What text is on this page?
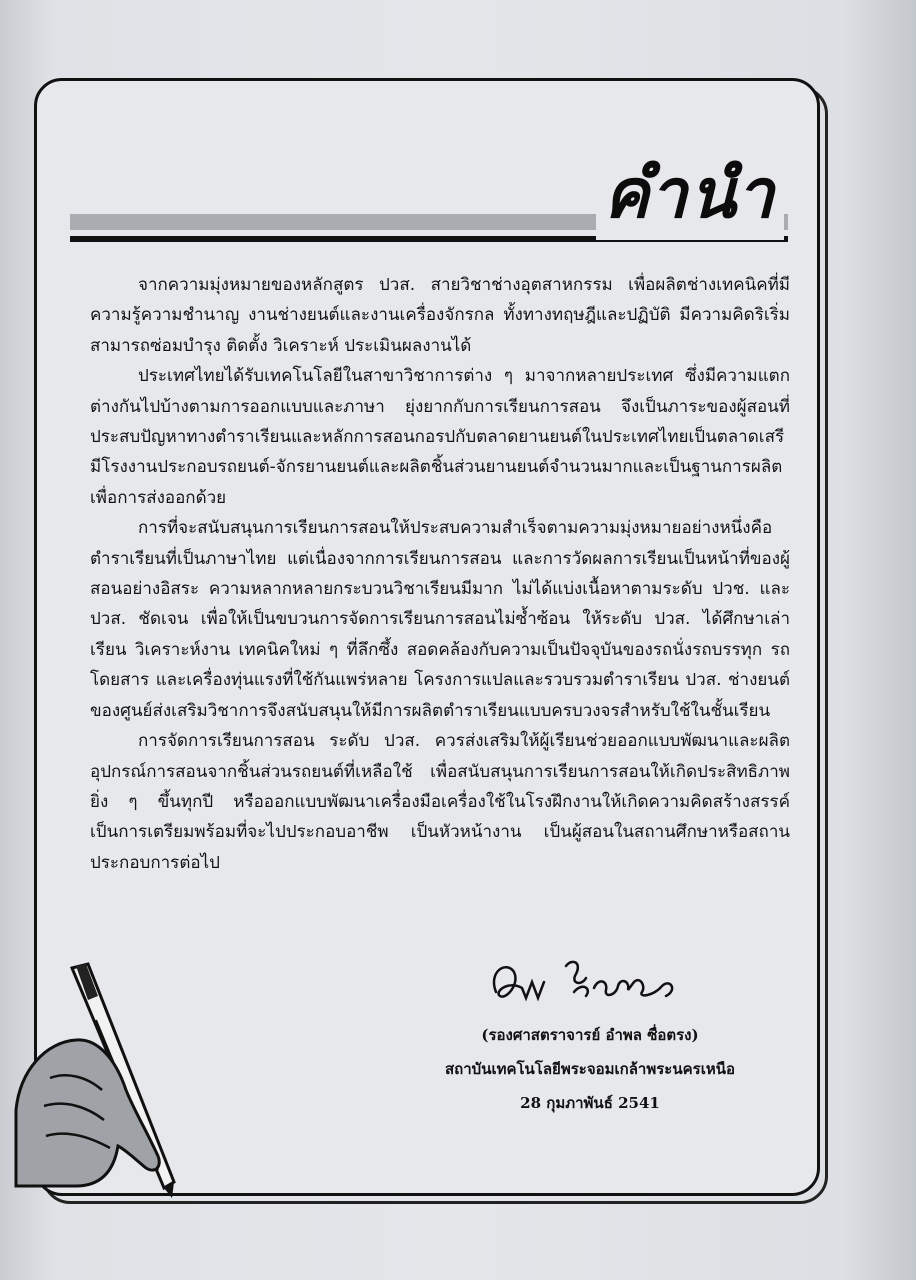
คำนำ

จากความมุ่งหมายของหลักสูตร ปวส. สายวิชาช่างอุตสาหกรรม เพื่อผลิตช่างเทคนิคที่มีความรู้ความชำนาญ งานช่างยนต์และงานเครื่องจักรกล ทั้งทางทฤษฎีและปฏิบัติ มีความคิดริเริ่มสามารถซ่อมบำรุง ติดตั้ง วิเคราะห์ ประเมินผลงานได้

ประเทศไทยได้รับเทคโนโลยีในสาขาวิชาการต่าง ๆ มาจากหลายประเทศ ซึ่งมีความแตกต่างกันไปบ้างตามการออกแบบและภาษา ยุ่งยากกับการเรียนการสอน จึงเป็นภาระของผู้สอนที่ประสบปัญหาทางตำราเรียนและหลักการสอนกอรปกับตลาดยานยนต์ในประเทศไทยเป็นตลาดเสรี มีโรงงานประกอบรถยนต์-จักรยานยนต์และผลิตชิ้นส่วนยานยนต์จำนวนมากและเป็นฐานการผลิตเพื่อการส่งออกด้วย

การที่จะสนับสนุนการเรียนการสอนให้ประสบความสำเร็จตามความมุ่งหมายอย่างหนึ่งคือตำราเรียนที่เป็นภาษาไทย แต่เนื่องจากการเรียนการสอน และการวัดผลการเรียนเป็นหน้าที่ของผู้สอนอย่างอิสระ ความหลากหลายกระบวนวิชาเรียนมีมาก ไม่ได้แบ่งเนื้อหาตามระดับ ปวช. และ ปวส. ชัดเจน เพื่อให้เป็นขบวนการจัดการเรียนการสอนไม่ซ้ำซ้อน ให้ระดับ ปวส. ได้ศึกษาเล่าเรียน วิเคราะห์งาน เทคนิคใหม่ ๆ ที่ลึกซึ้ง สอดคล้องกับความเป็นปัจจุบันของรถนั่งรถบรรทุก รถโดยสาร และเครื่องทุ่นแรงที่ใช้กันแพร่หลาย โครงการแปลและรวบรวมตำราเรียน ปวส. ช่างยนต์ของศูนย์ส่งเสริมวิชาการจึงสนับสนุนให้มีการผลิตตำราเรียนแบบครบวงจรสำหรับใช้ในชั้นเรียน

การจัดการเรียนการสอน ระดับ ปวส. ควรส่งเสริมให้ผู้เรียนช่วยออกแบบพัฒนาและผลิตอุปกรณ์การสอนจากชิ้นส่วนรถยนต์ที่เหลือใช้ เพื่อสนับสนุนการเรียนการสอนให้เกิดประสิทธิภาพยิ่ง ๆ ขึ้นทุกปี หรือออกแบบพัฒนาเครื่องมือเครื่องใช้ในโรงฝึกงานให้เกิดความคิดสร้างสรรค์ เป็นการเตรียมพร้อมที่จะไปประกอบอาชีพ เป็นหัวหน้างาน เป็นผู้สอนในสถานศึกษาหรือสถานประกอบการต่อไป

(รองศาสตราจารย์ อำพล ซื่อตรง)
สถาบันเทคโนโลยีพระจอมเกล้าพระนครเหนือ
28 กุมภาพันธ์ 2541
